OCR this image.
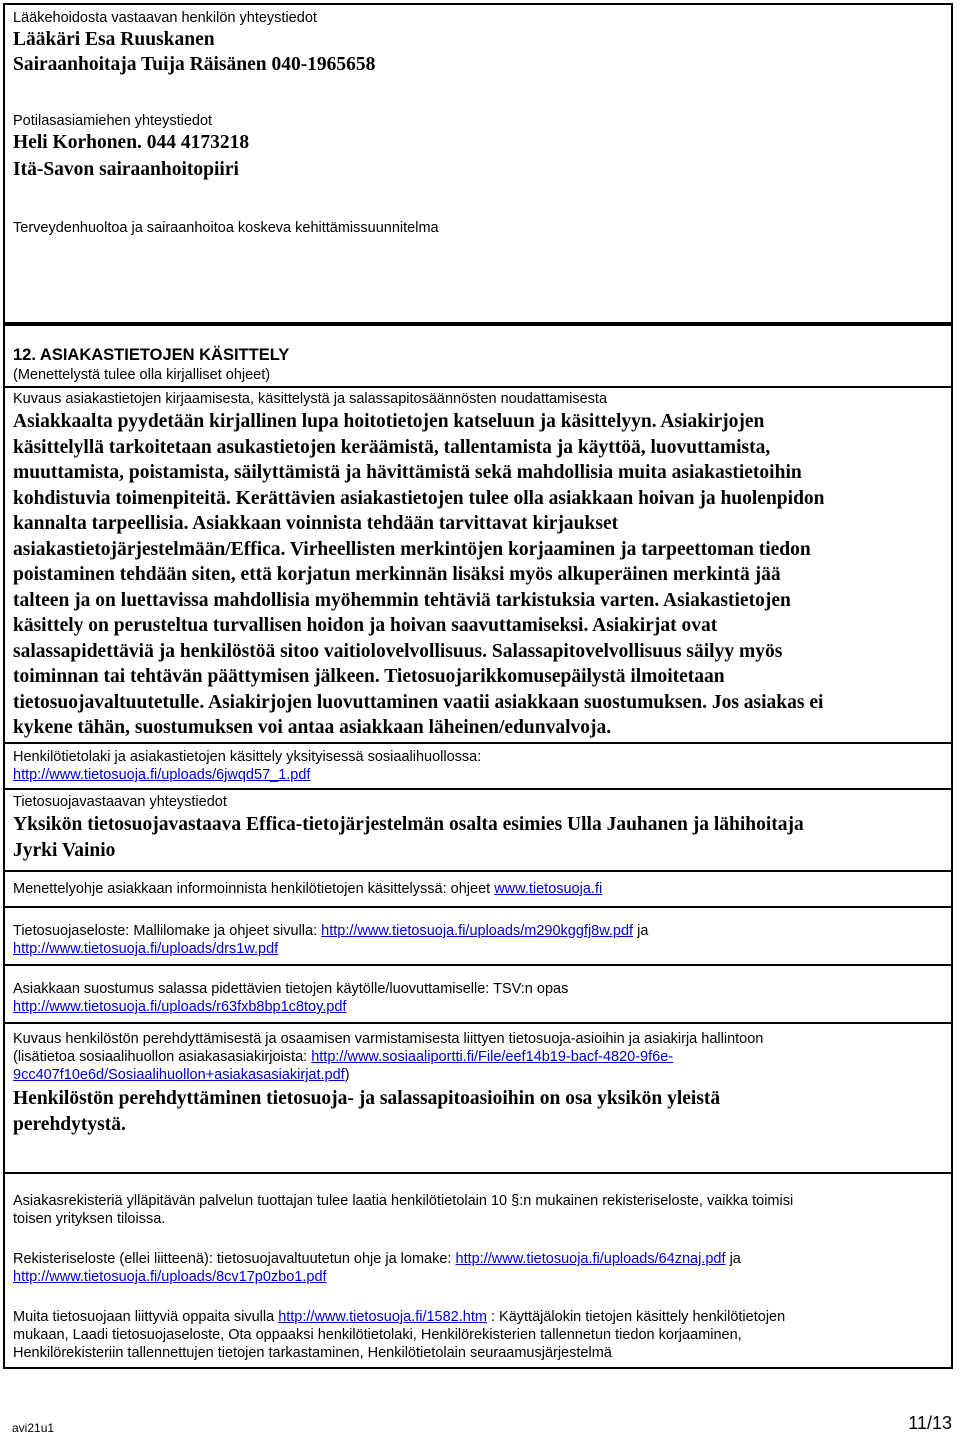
Lääkehoidosta vastaavan henkilön yhteystiedot
Lääkäri Esa Ruuskanen
Sairaanhoitaja Tuija Räisänen 040-1965658
Potilasasiamiehen yhteystiedot
Heli Korhonen. 044 4173218
Itä-Savon sairaanhoitopiiri
Terveydenhuoltoa ja sairaanhoitoa koskeva kehittämissuunnitelma
12. ASIAKASTIETOJEN KÄSITTELY
(Menettelystä tulee olla kirjalliset ohjeet)
Kuvaus asiakastietojen kirjaamisesta, käsittelystä ja salassapitosäännösten noudattamisesta
Asiakkaalta pyydetään kirjallinen lupa hoitotietojen katseluun ja käsittelyyn. Asiakirjojen
käsittelyllä tarkoitetaan asukastietojen keräämistä, tallentamista ja käyttöä, luovuttamista,
muuttamista, poistamista, säilyttämistä ja hävittämistä sekä mahdollisia muita asiakastietoihin
kohdistuvia toimenpiteitä. Kerättävien asiakastietojen tulee olla asiakkaan hoivan ja huolenpidon
kannalta tarpeellisia. Asiakkaan voinnista tehdään tarvittavat kirjaukset
asiakastietojärjestelmään/Effica. Virheellisten merkintöjen korjaaminen ja tarpeettoman tiedon
poistaminen tehdään siten, että korjatun merkinnän lisäksi myös alkuperäinen merkintä jää
talteen ja on luettavissa mahdollisia myöhemmin tehtäviä tarkistuksia varten. Asiakastietojen
käsittely on perusteltua turvallisen hoidon ja hoivan saavuttamiseksi. Asiakirjat ovat
salassapidettäviä ja henkilöstöä sitoo vaitiolovelvollisuus. Salassapitovelvollisuus säilyy myös
toiminnan tai tehtävän päättymisen jälkeen. Tietosuojarikkomusepäilystä ilmoitetaan
tietosuojavaltuutetulle. Asiakirjojen luovuttaminen vaatii asiakkaan suostumuksen. Jos asiakas ei
kykene tähän, suostumuksen voi antaa asiakkaan läheinen/edunvalvoja.
Henkilötietolaki ja asiakastietojen käsittely yksityisessä sosiaalihuollossa:
http://www.tietosuoja.fi/uploads/6jwqd57_1.pdf
Tietosuojavastaavan yhteystiedot
Yksikön tietosuojavastaava Effica-tietojärjestelmän osalta esimies Ulla Jauhanen ja lähihoitaja
Jyrki Vainio
Menettelyohje asiakkaan informoinnista henkilötietojen käsittelyssä: ohjeet www.tietosuoja.fi
Tietosuojaseloste: Mallilomake ja ohjeet sivulla: http://www.tietosuoja.fi/uploads/m290kggfj8w.pdf ja
http://www.tietosuoja.fi/uploads/drs1w.pdf
Asiakkaan suostumus salassa pidettävien tietojen käytölle/luovuttamiselle: TSV:n opas
http://www.tietosuoja.fi/uploads/r63fxb8bp1c8toy.pdf
Kuvaus henkilöstön perehdyttämisestä ja osaamisen varmistamisesta liittyen tietosuoja-asioihin ja asiakirja hallintoon
(lisätietoa sosiaalihuollon asiakasasiakirjoista: http://www.sosiaaliportti.fi/File/eef14b19-bacf-4820-9f6e-
9cc407f10e6d/Sosiaalihuollon+asiakasasiakirjat.pdf)
Henkilöstön perehdyttäminen tietosuoja- ja salassapitoasioihin on osa yksikön yleistä
perehdytystä.
Asiakasrekisteriä ylläpitävän palvelun tuottajan tulee laatia henkilötietolain 10 §:n mukainen rekisteriseloste, vaikka toimisi
toisen yrityksen tiloissa.
Rekisteriseloste (ellei liitteenä): tietosuojavaltuutetun ohje ja lomake: http://www.tietosuoja.fi/uploads/64znaj.pdf ja
http://www.tietosuoja.fi/uploads/8cv17p0zbo1.pdf
Muita tietosuojaan liittyviä oppaita sivulla http://www.tietosuoja.fi/1582.htm : Käyttäjälokin tietojen käsittely henkilötietojen
mukaan, Laadi tietosuojaseloste, Ota oppaaksi henkilötietolaki, Henkilörekisterien tallennetun tiedon korjaaminen,
Henkilörekisteriin tallennettujen tietojen tarkastaminen, Henkilötietolain seuraamusjärjestelmä
avi21u1	11/13
